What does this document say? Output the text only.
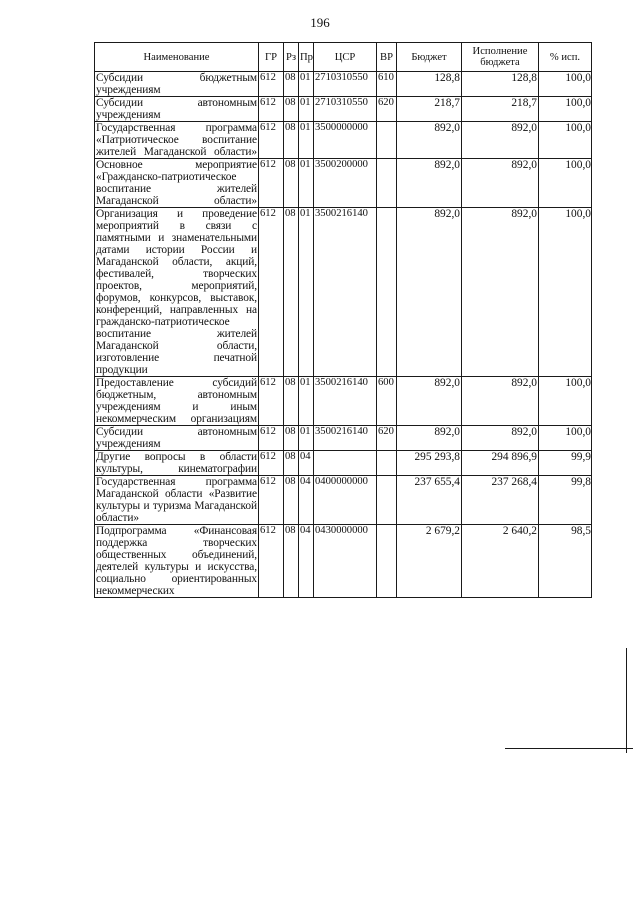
196
Наименование	ГР	Рз	Пр	ЦСР	ВР	Бюджет	Исполнение бюджета	% исп.
Субсидии бюджетным учреждениям	612	08	01	2710310550	610	128,8	128,8	100,0
Субсидии автономным учреждениям	612	08	01	2710310550	620	218,7	218,7	100,0
Государственная программа «Патриотическое воспитание жителей Магаданской области»	612	08	01	3500000000		892,0	892,0	100,0
Основное мероприятие «Гражданско-патриотическое воспитание жителей Магаданской области»	612	08	01	3500200000		892,0	892,0	100,0
Организация и проведение мероприятий в связи с памятными и знаменательными датами истории России и Магаданской области, акций, фестивалей, творческих проектов, мероприятий, форумов, конкурсов, выставок, конференций, направленных на гражданско-патриотическое воспитание жителей Магаданской области, изготовление печатной продукции	612	08	01	3500216140		892,0	892,0	100,0
Предоставление субсидий бюджетным, автономным учреждениям и иным некоммерческим организациям	612	08	01	3500216140	600	892,0	892,0	100,0
Субсидии автономным учреждениям	612	08	01	3500216140	620	892,0	892,0	100,0
Другие вопросы в области культуры, кинематографии	612	08	04			295 293,8	294 896,9	99,9
Государственная программа Магаданской области «Развитие культуры и туризма Магаданской области»	612	08	04	0400000000		237 655,4	237 268,4	99,8
Подпрограмма «Финансовая поддержка творческих общественных объединений, деятелей культуры и искусства, социально ориентированных некоммерческих	612	08	04	0430000000		2 679,2	2 640,2	98,5
